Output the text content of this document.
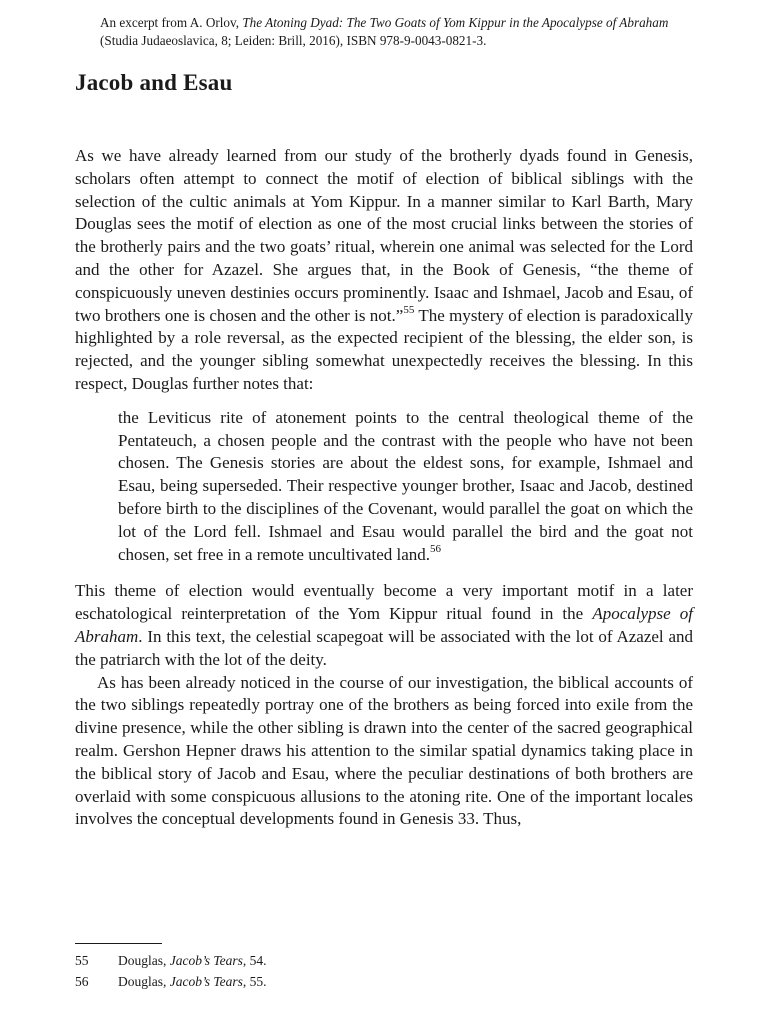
An excerpt from A. Orlov, The Atoning Dyad: The Two Goats of Yom Kippur in the Apocalypse of Abraham (Studia Judaeoslavica, 8; Leiden: Brill, 2016), ISBN 978-9-0043-0821-3.
Jacob and Esau

As we have already learned from our study of the brotherly dyads found in Genesis, scholars often attempt to connect the motif of election of biblical siblings with the selection of the cultic animals at Yom Kippur. In a manner similar to Karl Barth, Mary Douglas sees the motif of election as one of the most crucial links between the stories of the brotherly pairs and the two goats’ ritual, wherein one animal was selected for the Lord and the other for Azazel. She argues that, in the Book of Genesis, “the theme of conspicuously uneven destinies occurs prominently. Isaac and Ishmael, Jacob and Esau, of two brothers one is chosen and the other is not.”$^{55}$ The mystery of election is paradoxically highlighted by a role reversal, as the expected recipient of the blessing, the elder son, is rejected, and the younger sibling somewhat unexpectedly receives the blessing. In this respect, Douglas further notes that:

the Leviticus rite of atonement points to the central theological theme of the Pentateuch, a chosen people and the contrast with the people who have not been chosen. The Genesis stories are about the eldest sons, for example, Ishmael and Esau, being superseded. Their respective younger brother, Isaac and Jacob, destined before birth to the disciplines of the Covenant, would parallel the goat on which the lot of the Lord fell. Ishmael and Esau would parallel the bird and the goat not chosen, set free in a remote uncultivated land.$^{56}$

This theme of election would eventually become a very important motif in a later eschatological reinterpretation of the Yom Kippur ritual found in the Apocalypse of Abraham. In this text, the celestial scapegoat will be associated with the lot of Azazel and the patriarch with the lot of the deity.

As has been already noticed in the course of our investigation, the biblical accounts of the two siblings repeatedly portray one of the brothers as being forced into exile from the divine presence, while the other sibling is drawn into the center of the sacred geographical realm. Gershon Hepner draws his attention to the similar spatial dynamics taking place in the biblical story of Jacob and Esau, where the peculiar destinations of both brothers are overlaid with some conspicuous allusions to the atoning rite. One of the important locales involves the conceptual developments found in Genesis 33. Thus,

55	Douglas, Jacob’s Tears, 54.
56	Douglas, Jacob’s Tears, 55.
